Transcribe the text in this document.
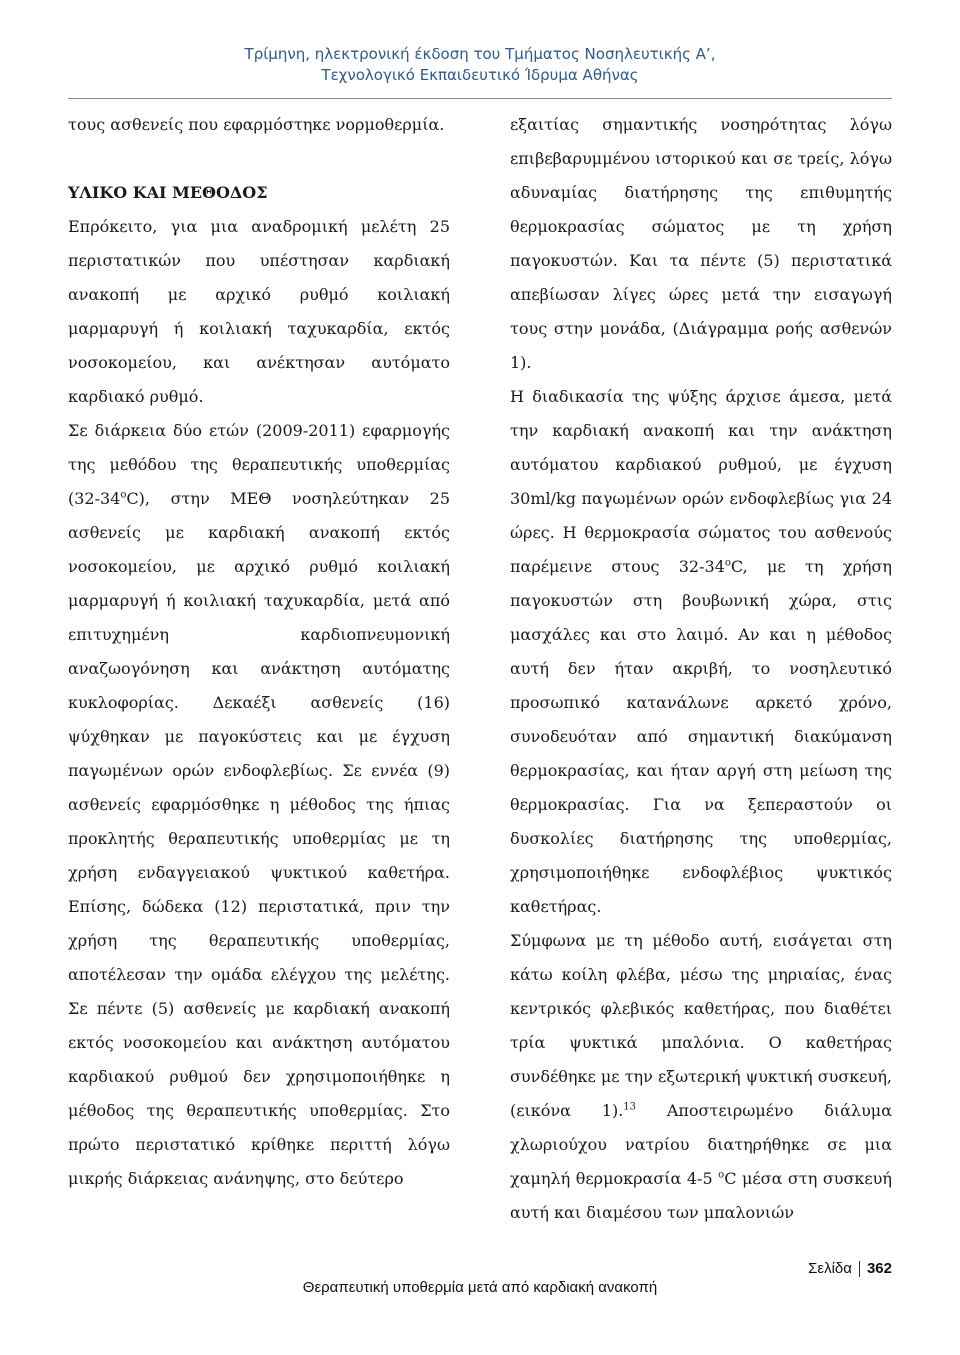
Τρίμηνη, ηλεκτρονική έκδοση του Τμήματος Νοσηλευτικής Α’,
Τεχνολογικό Εκπαιδευτικό Ίδρυμα Αθήνας

τους ασθενείς που εφαρμόστηκε νορμοθερμία.

ΥΛΙΚΟ ΚΑΙ ΜΕΘΟΔΟΣ

Επρόκειτο, για μια αναδρομική μελέτη 25 περιστατικών που υπέστησαν καρδιακή ανακοπή με αρχικό ρυθμό κοιλιακή μαρμαρυγή ή κοιλιακή ταχυκαρδία, εκτός νοσοκομείου, και ανέκτησαν αυτόματο καρδιακό ρυθμό.

Σε διάρκεια δύο ετών (2009-2011) εφαρμογής της μεθόδου της θεραπευτικής υποθερμίας (32-34$^o$C), στην ΜΕΘ νοσηλεύτηκαν 25 ασθενείς με καρδιακή ανακοπή εκτός νοσοκομείου, με αρχικό ρυθμό κοιλιακή μαρμαρυγή ή κοιλιακή ταχυκαρδία, μετά από επιτυχημένη καρδιοπνευμονική αναζωογόνηση και ανάκτηση αυτόματης κυκλοφορίας. Δεκαέξι ασθενείς (16) ψύχθηκαν με παγοκύστεις και με έγχυση παγωμένων ορών ενδοφλεβίως. Σε εννέα (9) ασθενείς εφαρμόσθηκε η μέθοδος της ήπιας προκλητής θεραπευτικής υποθερμίας με τη χρήση ενδαγγειακού ψυκτικού καθετήρα. Επίσης, δώδεκα (12) περιστατικά, πριν την χρήση της θεραπευτικής υποθερμίας, αποτέλεσαν την ομάδα ελέγχου της μελέτης. Σε πέντε (5) ασθενείς με καρδιακή ανακοπή εκτός νοσοκομείου και ανάκτηση αυτόματου καρδιακού ρυθμού δεν χρησιμοποιήθηκε η μέθοδος της θεραπευτικής υποθερμίας. Στο πρώτο περιστατικό κρίθηκε περιττή λόγω μικρής διάρκειας ανάνηψης, στο δεύτερο

εξαιτίας σημαντικής νοσηρότητας λόγω επιβεβαρυμμένου ιστορικού και σε τρείς, λόγω αδυναμίας διατήρησης της επιθυμητής θερμοκρασίας σώματος με τη χρήση παγοκυστών. Και τα πέντε (5) περιστατικά απεβίωσαν λίγες ώρες μετά την εισαγωγή τους στην μονάδα, (Διάγραμμα ροής ασθενών 1).

Η διαδικασία της ψύξης άρχισε άμεσα, μετά την καρδιακή ανακοπή και την ανάκτηση αυτόματου καρδιακού ρυθμού, με έγχυση 30ml/kg παγωμένων ορών ενδοφλεβίως για 24 ώρες. Η θερμοκρασία σώματος του ασθενούς παρέμεινε στους 32-34$^o$C, με τη χρήση παγοκυστών στη βουβωνική χώρα, στις μασχάλες και στο λαιμό. Αν και η μέθοδος αυτή δεν ήταν ακριβή, το νοσηλευτικό προσωπικό κατανάλωνε αρκετό χρόνο, συνοδευόταν από σημαντική διακύμανση θερμοκρασίας, και ήταν αργή στη μείωση της θερμοκρασίας. Για να ξεπεραστούν οι δυσκολίες διατήρησης της υποθερμίας, χρησιμοποιήθηκε ενδοφλέβιος ψυκτικός καθετήρας.

Σύμφωνα με τη μέθοδο αυτή, εισάγεται στη κάτω κοίλη φλέβα, μέσω της μηριαίας, ένας κεντρικός φλεβικός καθετήρας, που διαθέτει τρία ψυκτικά μπαλόνια. Ο καθετήρας συνδέθηκε με την εξωτερική ψυκτική συσκευή, (εικόνα 1).$^{13}$ Αποστειρωμένο διάλυμα χλωριούχου νατρίου διατηρήθηκε σε μια χαμηλή θερμοκρασία 4-5 $^o$C μέσα στη συσκευή αυτή και διαμέσου των μπαλονιών

Σελίδα 362
Θεραπευτική υποθερμία μετά από καρδιακή ανακοπή
